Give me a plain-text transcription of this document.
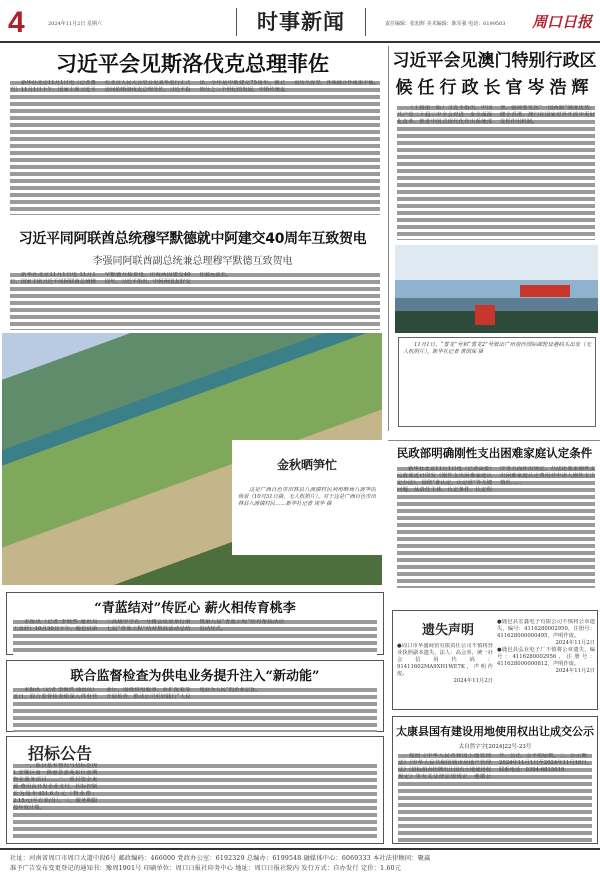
4	2024年11月2日 星期六	时事新闻	责任编辑：张旭辉 美术编辑：陈军强 电话：6199503 周口日报
习近平会见斯洛伐克总理菲佐
新华社北京11月1日电（记者董雪）11月1日下午，国家主席习近平在北京人民大会堂会见来华进行正式访问的斯洛伐克总理菲佐。习近平指出，今年是中斯建交75周年。被过四分之三个世纪的发展，中斯传统友谊历久弥坚，各领域合作成果丰硕。
习近平会见澳门特别行政区
候任行政长官岑浩辉
（上接第一版）习近平指出，中国共产党二十届三中全会对进一步全面深化改革、推进中国式现代化作出系统部署，强调要发挥“一国两制”制度优势，健全香港、澳门在国家对外开放中更好发挥作用机制。
11月1日，“雪龙”号和“雪龙2”号驶出广州南沙国际邮轮母港码头出发（无人机照片）。新华社记者 黄国保 摄
习近平同阿联酋总统穆罕默德就中阿建交40周年互致贺电
李强同阿联酋副总统兼总理穆罕默德互致贺电
新华社北京11月1日电 11月1日，国家主席习近平同阿联酋总统穆罕默德互致贺电，庆祝两国建交40周年。习近平指出，中阿两国友好交往源远流长。
金秋晒笋忙
这是广西百色市田林县八渡镇村民利用晒场八渡笋的场景（10月31日摄，无人机照片）。对于这是广西百色市田林县八渡镇村民……新华社记者 周华 摄
民政部明确刚性支出困难家庭认定条件
新华社北京11月1日电（记者高蕾）民政部近日印发《刚性支出困难家庭认定办法》，围绕“谁认定、认定谁”等关键问题，从责任主体、认定条件、认定程序等方面作出规定。办法还要求刚性支出困难家庭认定费用对申请人刚性支出情况……
“青蓝结对”传匠心 薪火相传育桃李
本报讯（记者 李焕然 通讯员 王彦妤）10月30日下午，鹿邑县第三高级中学在一号楼会议室举行第七届“青蓝工程”结对帮扶活动总结暨第八届“青蓝工程”结对帮扶活动启动仪式。
联合监督检查为供电业务提升注入“新动能”
本报讯（记者 李焕然 通讯员）近日，联合监督检查组深入供电营业厅，围绕供电服务、业扩报装等开展检查，推动公司更好践行“人民电业为人民”的企业宗旨。
招标公告
一、项目基本情况与招标范围 1.安顺区南一路丽景嘉苑东区前期物业服务项目……二、项目资金来源 费用由开发企业支付，招标控制价为每年451.6万元（物业费：2.15元/平方米/月）。三、服务期限 按年度计算。
遗失声明
●周口市华盛商贸有限责任公司不慎将营业执照副本遗失，法人：高会喜，统一社会信用代码：91411602MA9XH1WE7K，声明作废。
2024年11月2日
●鹿邑县宏鑫电子有限公司不慎将公章遗失，编号：4116280002950，注册号：411628000000495，声明作废。
2024年11月2日
●鹿邑县弘业电子厂不慎将公章遗失，编号：4116280002956，注册号：411628000000812，声明作废。
2024年11月2日
太康县国有建设用地使用权出让成交公示
太自然字字[2024]22号-23号
按照《中华人民共和国土地管理法》《中华人民共和国城市房地产管理法》《招标拍卖挂牌出让国有土地使用权规定》等有关法律法规规定，遵循公开、公正、公平的原则。二、公示期：2024年11月1日至2024年11月10日。联系电话：0394-6815019
社址：河南省周口市周口大道中段6号 邮政编码：466000 党政办公室：6192329 总编办：6199548 融媒体中心：6069333 本社法律顾问：聚赢
准予广告发布变更登记的通知书：豫周1901号 印刷单位：周口日报社印务中心 地址：周口日报社院内 发行方式：自办发行 定价：1.60元
